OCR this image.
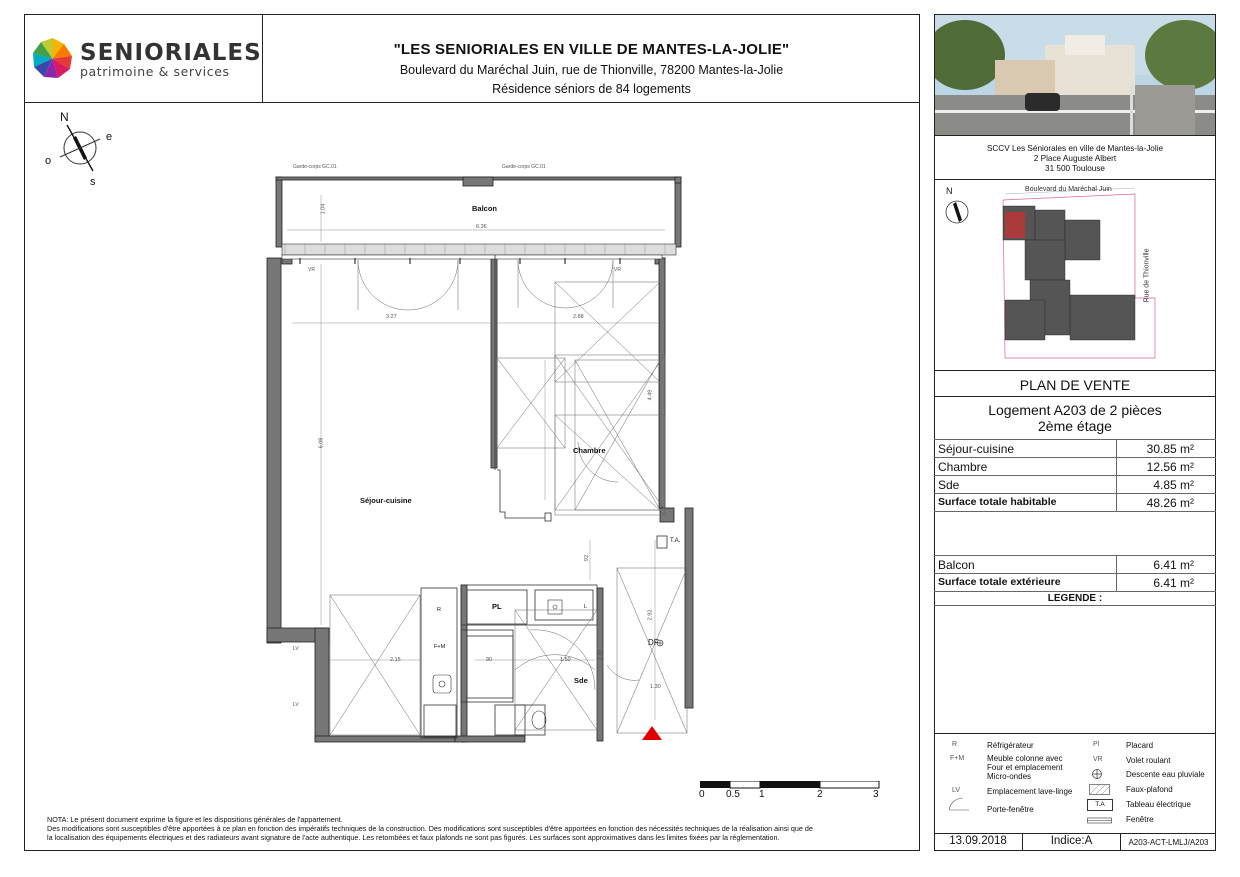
SENIORIALES
patrimoine & services
"LES SENIORIALES EN VILLE DE MANTES-LA-JOLIE"
Boulevard du Maréchal Juin, rue de Thionville, 78200 Mantes-la-Jolie
Résidence séniors de 84 logements
N
e
s
o
Balcon
Chambre
Séjour-cuisine
Sde
PL
T.A.
DF
Garde-corps GC.01	Garde-corps GC.01
VR	VR
1.04
6.36
3.27	2.88
6.08
4.49
2.15	1.50	2.49
90
1.30
2.92
92
F+M
R	L
LV
LV
0 0.5 1	2	3
NOTA: Le présent document exprime la figure et les dispositions générales de l'appartement.
Des modifications sont susceptibles d'être apportées à ce plan en fonction des impératifs techniques de la construction. Des modifications sont susceptibles d'être apportées en fonction des nécessités techniques de la réalisation ainsi que de
la localisation des équipements électriques et des radiateurs avant signature de l'acte authentique. Les retombées et faux plafonds ne sont pas figurés. Les surfaces sont approximatives dans les limites fixées par la réglementation.
SCCV Les Séniorales en ville de Mantes-la-Jolie
2 Place Auguste Albert
31 500 Toulouse
N	Boulevard du Maréchal Juin
Rue de Thionville
PLAN DE VENTE
Logement A203 de 2 pièces
2ème étage
Séjour-cuisine	30.85 m²
Chambre	12.56 m²
Sde	4.85 m²
Surface totale habitable	48.26 m²
Balcon	6.41 m²
Surface totale extérieure	6.41 m²
LEGENDE :
R	Réfrigérateur
F+M	Meuble colonne avec Four et emplacement Micro-ondes
LV	Emplacement lave-linge
Porte-fenêtre
Pl	Placard
VR	Volet roulant
Descente eau pluviale
Faux-plafond
T.A	Tableau électrique
Fenêtre
13.09.2018	Indice:A	A203-ACT-LMLJ/A203
